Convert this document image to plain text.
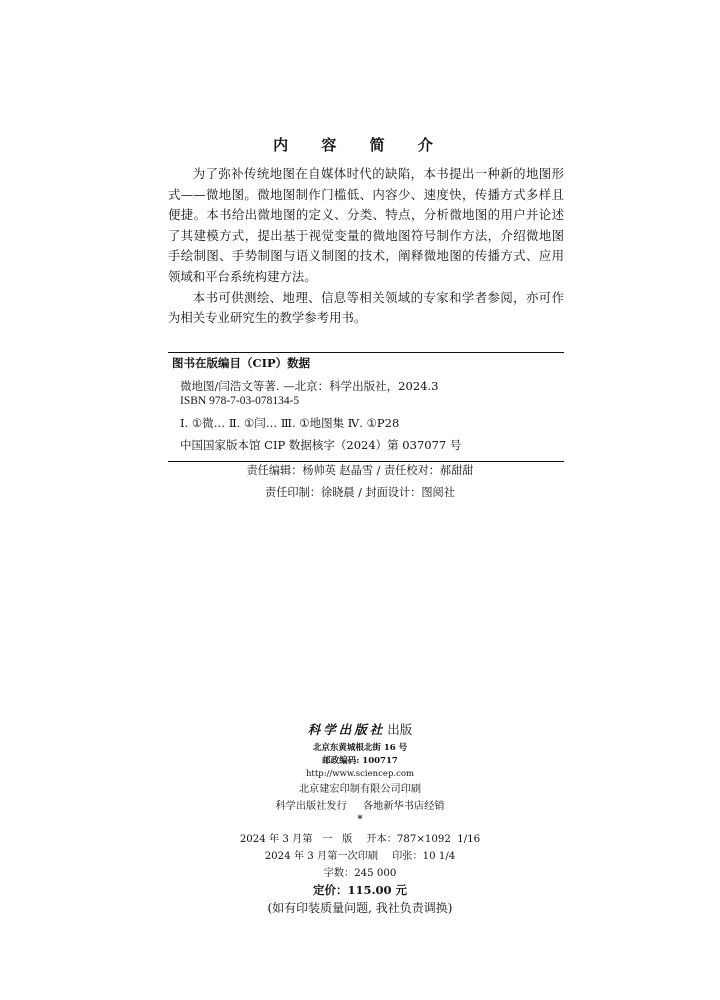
内 容 简 介

为了弥补传统地图在自媒体时代的缺陷，本书提出一种新的地图形式——微地图。微地图制作门槛低、内容少、速度快，传播方式多样且便捷。本书给出微地图的定义、分类、特点，分析微地图的用户并论述了其建模方式，提出基于视觉变量的微地图符号制作方法，介绍微地图手绘制图、手势制图与语义制图的技术，阐释微地图的传播方式、应用领域和平台系统构建方法。

本书可供测绘、地理、信息等相关领域的专家和学者参阅，亦可作为相关专业研究生的教学参考用书。

图书在版编目（CIP）数据
微地图/闫浩文等著. —北京：科学出版社，2024.3
ISBN 978-7-03-078134-5
Ⅰ. ①微… Ⅱ. ①闫… Ⅲ. ①地图集 Ⅳ. ①P28
中国国家版本馆 CIP 数据核字（2024）第 037077 号
责任编辑：杨帅英 赵晶雪 / 责任校对：郝甜甜
责任印制：徐晓晨 / 封面设计：图阅社
科学出版社 出版
北京东黄城根北街 16 号
邮政编码: 100717
http://www.sciencep.com
北京建宏印制有限公司印刷
科学出版社发行     各地新华书店经销
*
2024 年 3 月第   一   版 开本：787×1092  1/16
2024 年 3 月第一次印刷 印张：10 1/4
字数：245 000
定价：115.00 元
(如有印装质量问题, 我社负责调换)
